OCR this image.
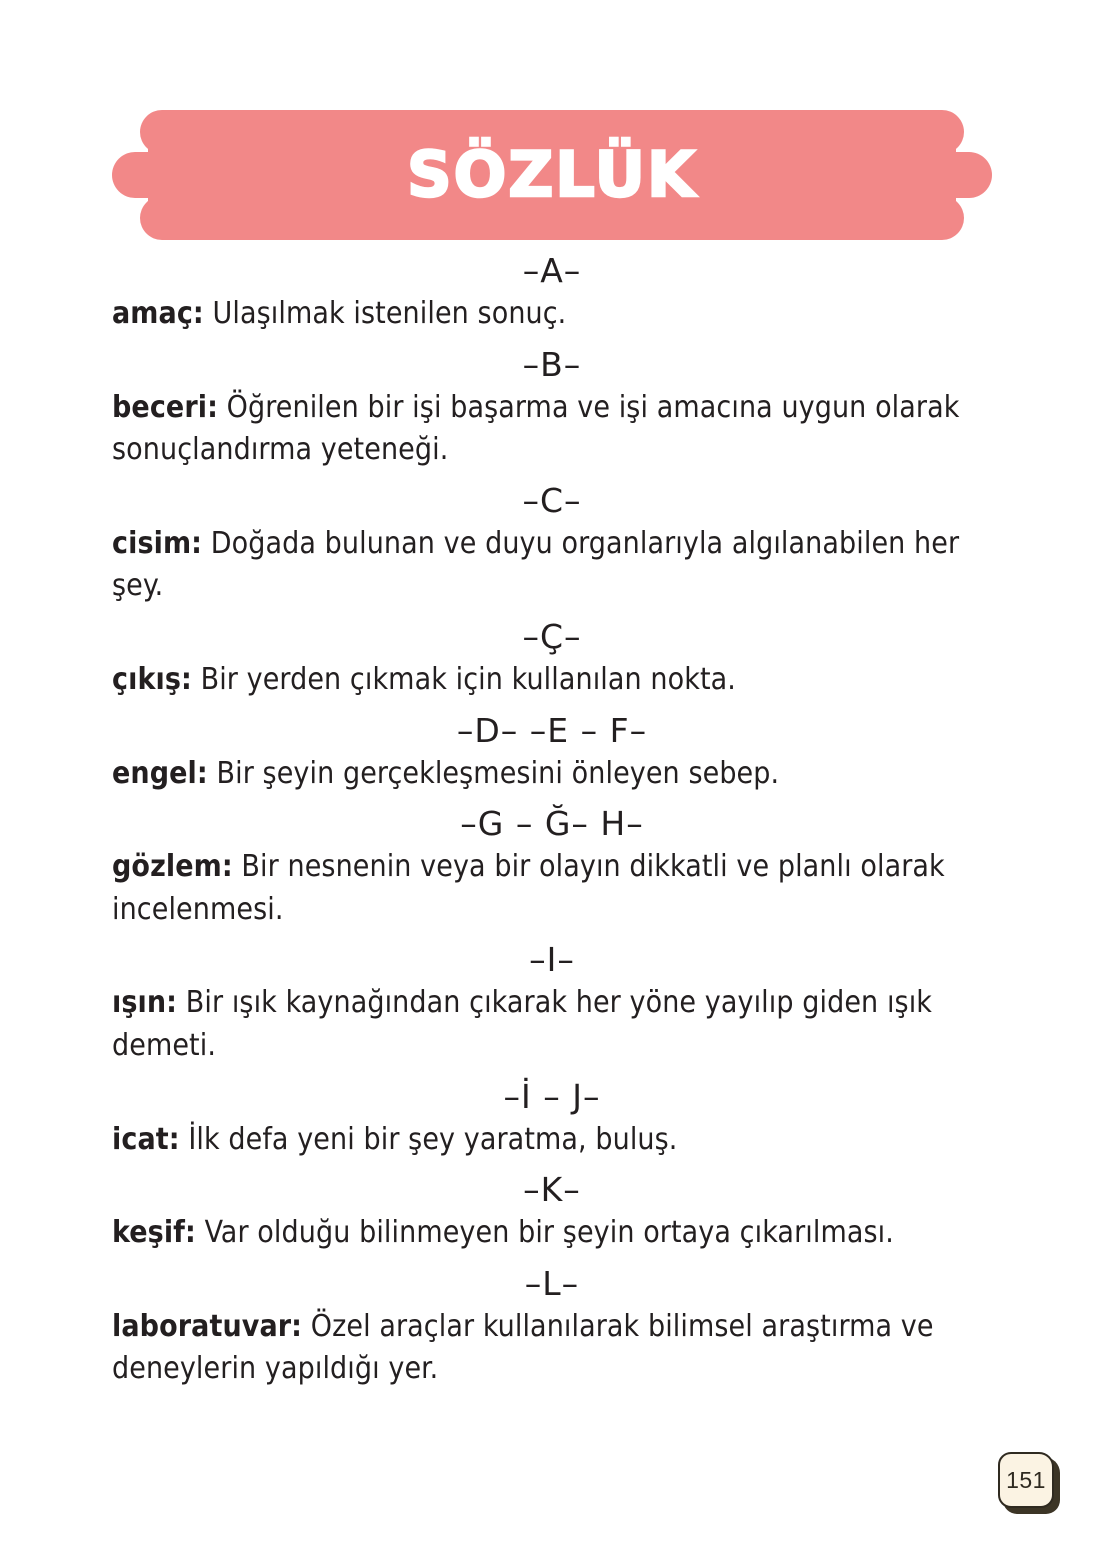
SÖZLÜK
–A–

amaç: Ulaşılmak istenilen sonuç.

–B–

beceri: Öğrenilen bir işi başarma ve işi amacına uygun olarak sonuçlandırma yeteneği.

–C–

cisim: Doğada bulunan ve duyu organlarıyla algılanabilen her şey.

–Ç–

çıkış: Bir yerden çıkmak için kullanılan nokta.

–D– –E – F–

engel: Bir şeyin gerçekleşmesini önleyen sebep.

–G – Ğ– H–

gözlem: Bir nesnenin veya bir olayın dikkatli ve planlı olarak incelenmesi.

–I–

ışın: Bir ışık kaynağından çıkarak her yöne yayılıp giden ışık demeti.

–İ – J–

icat: İlk defa yeni bir şey yaratma, buluş.

–K–

keşif: Var olduğu bilinmeyen bir şeyin ortaya çıkarılması.

–L–

laboratuvar: Özel araçlar kullanılarak bilimsel araştırma ve deneylerin yapıldığı yer.

151
